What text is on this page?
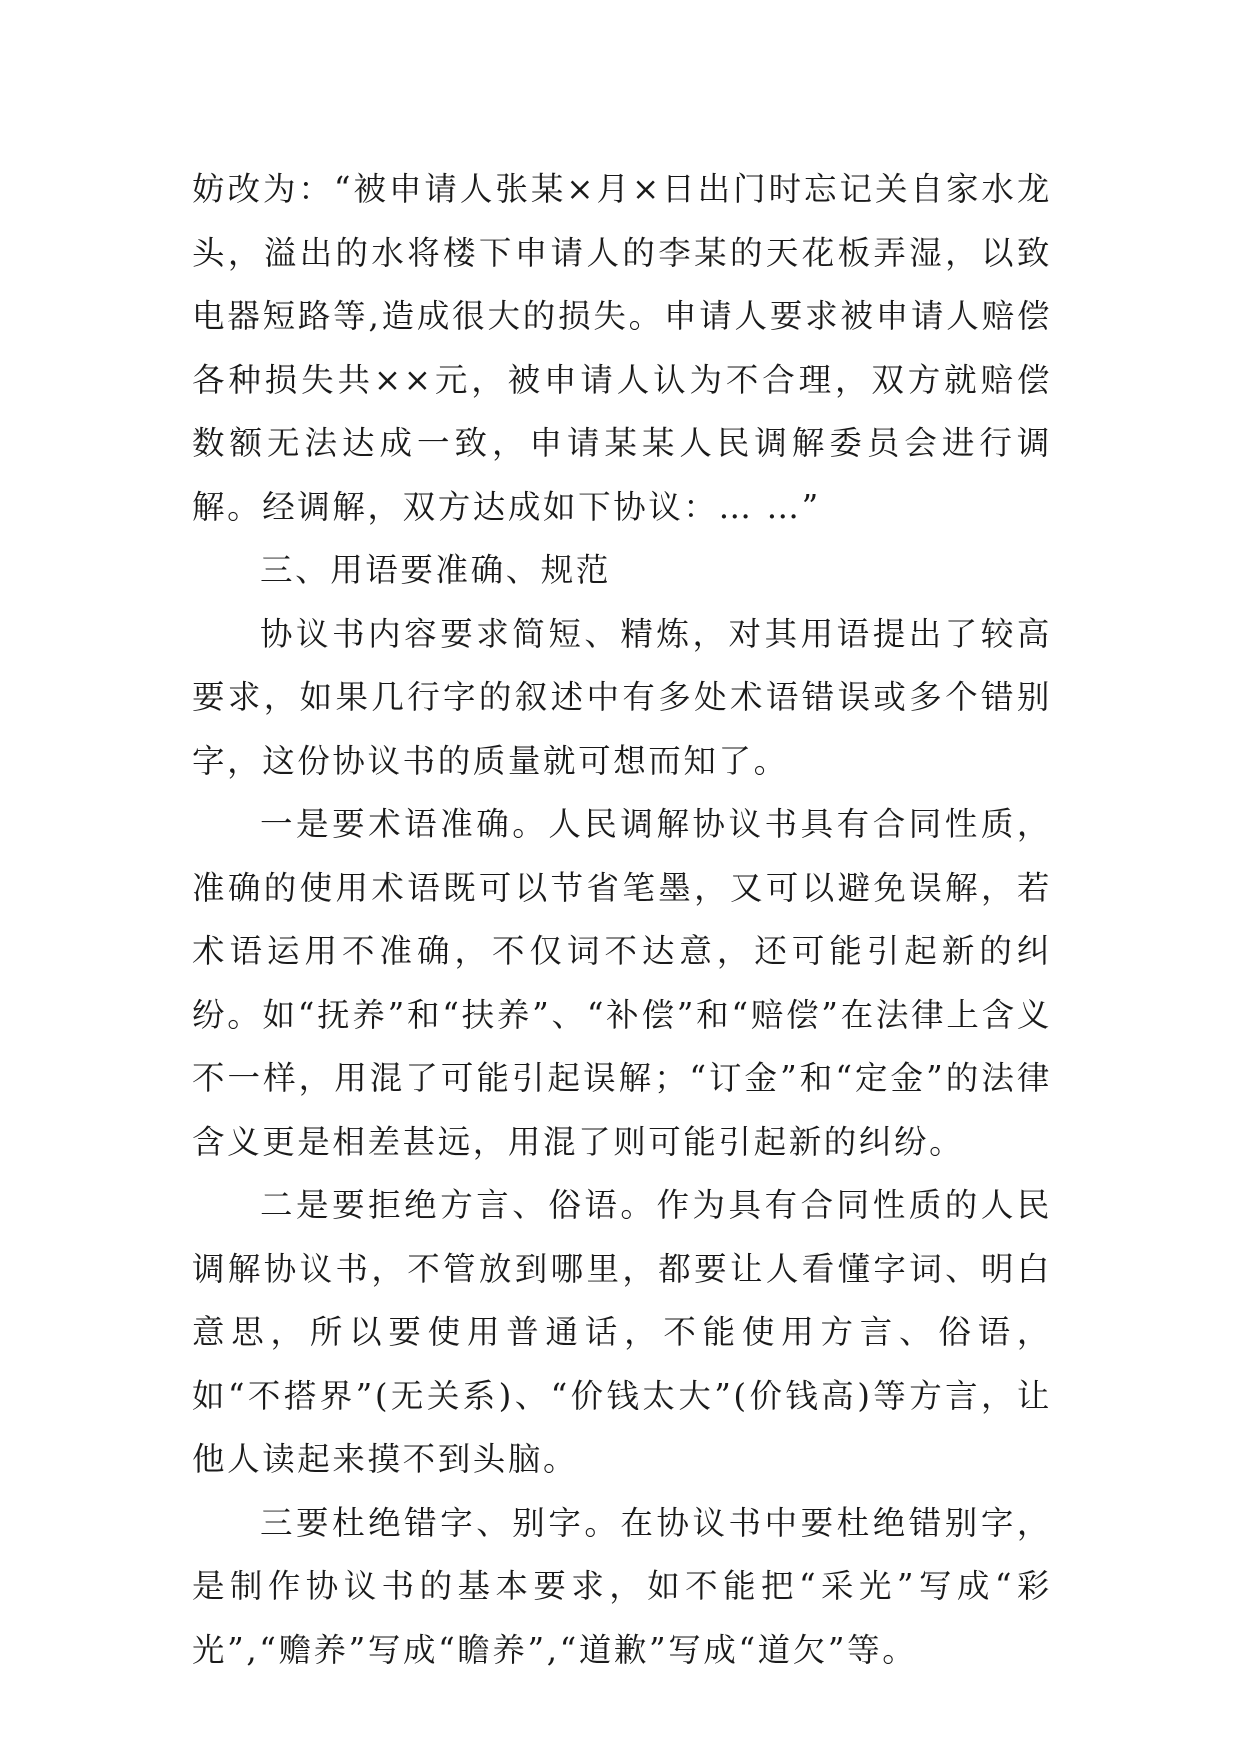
妨改为：“被申请人张某×月×日出门时忘记关自家水龙头，溢出的水将楼下申请人的李某的天花板弄湿，以致电器短路等,造成很大的损失。申请人要求被申请人赔偿各种损失共××元，被申请人认为不合理，双方就赔偿数额无法达成一致，申请某某人民调解委员会进行调解。经调解，双方达成如下协议：… …”

三、用语要准确、规范

协议书内容要求简短、精炼，对其用语提出了较高要求，如果几行字的叙述中有多处术语错误或多个错别字，这份协议书的质量就可想而知了。

一是要术语准确。人民调解协议书具有合同性质，准确的使用术语既可以节省笔墨，又可以避免误解，若术语运用不准确，不仅词不达意，还可能引起新的纠纷。如“抚养”和“扶养”、“补偿”和“赔偿”在法律上含义不一样，用混了可能引起误解；“订金”和“定金”的法律含义更是相差甚远，用混了则可能引起新的纠纷。

二是要拒绝方言、俗语。作为具有合同性质的人民调解协议书，不管放到哪里，都要让人看懂字词、明白意思，所以要使用普通话，不能使用方言、俗语，如“不搭界”(无关系)、“价钱太大”(价钱高)等方言，让他人读起来摸不到头脑。

三要杜绝错字、别字。在协议书中要杜绝错别字，是制作协议书的基本要求，如不能把“采光”写成“彩光”,“赡养”写成“瞻养”,“道歉”写成“道欠”等。
